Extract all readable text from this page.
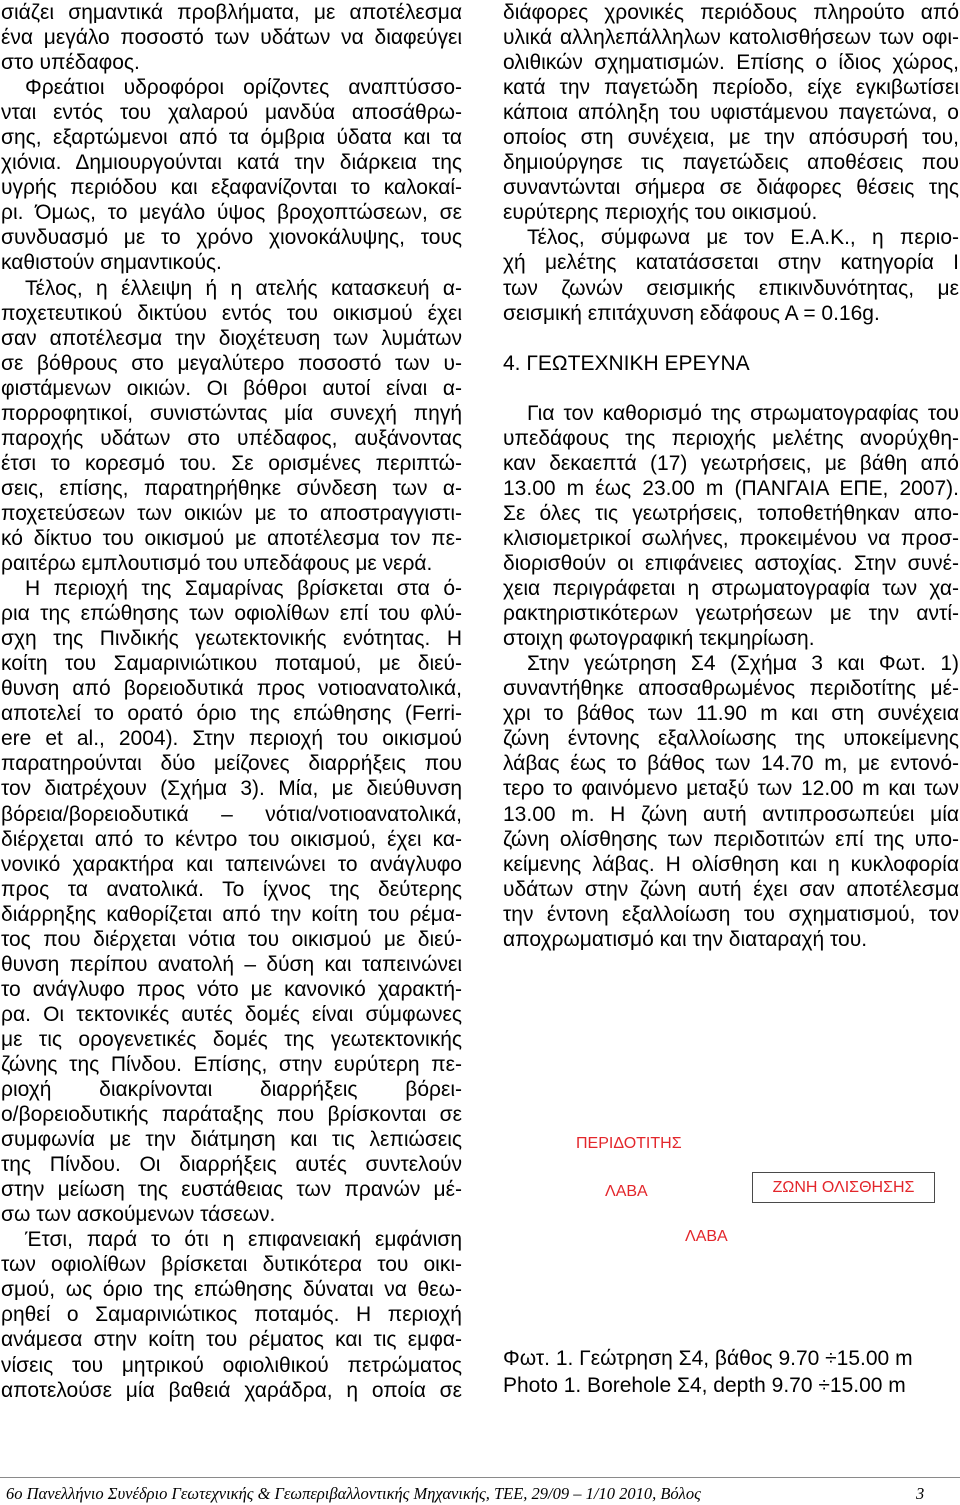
σιάζει σημαντικά προβλήματα, με αποτέλεσμα
ένα μεγάλο ποσοστό των υδάτων να διαφεύγει
στο υπέδαφος.
Φρεάτιοι υδροφόροι ορίζοντες αναπτύσσο-
νται εντός του χαλαρού μανδύα αποσάθρω-
σης, εξαρτώμενοι από τα όμβρια ύδατα και τα
χιόνια. Δημιουργούνται κατά την διάρκεια της
υγρής περιόδου και εξαφανίζονται το καλοκαί-
ρι. Όμως, το μεγάλο ύψος βροχοπτώσεων, σε
συνδυασμό με το χρόνο χιονοκάλυψης, τους
καθιστούν σημαντικούς.
Τέλος, η έλλειψη ή η ατελής κατασκευή α-
ποχετευτικού δικτύου εντός του οικισμού έχει
σαν αποτέλεσμα την διοχέτευση των λυμάτων
σε βόθρους στο μεγαλύτερο ποσοστό των υ-
φιστάμενων οικιών. Οι βόθροι αυτοί είναι α-
πορροφητικοί, συνιστώντας μία συνεχή πηγή
παροχής υδάτων στο υπέδαφος, αυξάνοντας
έτσι το κορεσμό του. Σε ορισμένες περιπτώ-
σεις, επίσης, παρατηρήθηκε σύνδεση των α-
ποχετεύσεων των οικιών με το αποστραγγιστι-
κό δίκτυο του οικισμού με αποτέλεσμα τον πε-
ραιτέρω εμπλουτισμό του υπεδάφους με νερά.
Η περιοχή της Σαμαρίνας βρίσκεται στα ό-
ρια της επώθησης των οφιολίθων επί του φλύ-
σχη της Πινδικής γεωτεκτονικής ενότητας. Η
κοίτη του Σαμαρινιώτικου ποταμού, με διεύ-
θυνση από βορειοδυτικά προς νοτιοανατολικά,
αποτελεί το ορατό όριο της επώθησης (Ferri-
ere et al., 2004). Στην περιοχή του οικισμού
παρατηρούνται δύο μείζονες διαρρήξεις που
τον διατρέχουν (Σχήμα 3). Μία, με διεύθυνση
βόρεια/βορειοδυτικά – νότια/νοτιοανατολικά,
διέρχεται από το κέντρο του οικισμού, έχει κα-
νονικό χαρακτήρα και ταπεινώνει το ανάγλυφο
προς τα ανατολικά. Το ίχνος της δεύτερης
διάρρηξης καθορίζεται από την κοίτη του ρέμα-
τος που διέρχεται νότια του οικισμού με διεύ-
θυνση περίπου ανατολή – δύση και ταπεινώνει
το ανάγλυφο προς νότο με κανονικό χαρακτή-
ρα. Οι τεκτονικές αυτές δομές είναι σύμφωνες
με τις ορογενετικές δομές της γεωτεκτονικής
ζώνης της Πίνδου. Επίσης, στην ευρύτερη πε-
ριοχή διακρίνονται διαρρήξεις βόρει-
ο/βορειοδυτικής παράταξης που βρίσκονται σε
συμφωνία με την διάτμηση και τις λεπιώσεις
της Πίνδου. Οι διαρρήξεις αυτές συντελούν
στην μείωση της ευστάθειας των πρανών μέ-
σω των ασκούμενων τάσεων.
Έτσι, παρά το ότι η επιφανειακή εμφάνιση
των οφιολίθων βρίσκεται δυτικότερα του οικι-
σμού, ως όριο της επώθησης δύναται να θεω-
ρηθεί ο Σαμαρινιώτικος ποταμός. Η περιοχή
ανάμεσα στην κοίτη του ρέματος και τις εμφα-
νίσεις του μητρικού οφιολιθικού πετρώματος
αποτελούσε μία βαθειά χαράδρα, η οποία σε
διάφορες χρονικές περιόδους πληρούτο από
υλικά αλληλεπάλληλων κατολισθήσεων των οφι-
ολιθικών σχηματισμών. Επίσης ο ίδιος χώρος,
κατά την παγετώδη περίοδο, είχε εγκιβωτίσει
κάποια απόληξη του υφιστάμενου παγετώνα, ο
οποίος στη συνέχεια, με την απόσυρσή του,
δημιούργησε τις παγετώδεις αποθέσεις που
συναντώνται σήμερα σε διάφορες θέσεις της
ευρύτερης περιοχής του οικισμού.
Τέλος, σύμφωνα με τον Ε.Α.Κ., η περιο-
χή μελέτης κατατάσσεται στην κατηγορία Ι
των ζωνών σεισμικής επικινδυνότητας, με
σεισμική επιτάχυνση εδάφους Α = 0.16g.
4. ΓΕΩΤΕΧΝΙΚΗ ΕΡΕΥΝΑ
Για τον καθορισμό της στρωματογραφίας του
υπεδάφους της περιοχής μελέτης ανορύχθη-
καν δεκαεπτά (17) γεωτρήσεις, με βάθη από
13.00 m έως 23.00 m (ΠΑΝΓΑΙΑ ΕΠΕ, 2007).
Σε όλες τις γεωτρήσεις, τοποθετήθηκαν απο-
κλισιομετρικοί σωλήνες, προκειμένου να προσ-
διορισθούν οι επιφάνειες αστοχίας. Στην συνέ-
χεια περιγράφεται η στρωματογραφία των χα-
ρακτηριστικότερων γεωτρήσεων με την αντί-
στοιχη φωτογραφική τεκμηρίωση.
Στην γεώτρηση Σ4 (Σχήμα 3 και Φωτ. 1)
συναντήθηκε αποσαθρωμένος περιδοτίτης μέ-
χρι το βάθος των 11.90 m και στη συνέχεια
ζώνη έντονης εξαλλοίωσης της υποκείμενης
λάβας έως το βάθος των 14.70 m, με εντονό-
τερο το φαινόμενο μεταξύ των 12.00 m και των
13.00 m. Η ζώνη αυτή αντιπροσωπεύει μία
ζώνη ολίσθησης των περιδοτιτών επί της υπο-
κείμενης λάβας. Η ολίσθηση και η κυκλοφορία
υδάτων στην ζώνη αυτή έχει σαν αποτέλεσμα
την έντονη εξαλλοίωση του σχηματισμού, τον
αποχρωματισμό και την διαταραχή του.
ΠΕΡΙΔΟΤΙΤΗΣ
ΛΑΒΑ	ΖΩΝΗ ΟΛΙΣΘΗΣΗΣ
ΛΑΒΑ
Φωτ. 1. Γεώτρηση Σ4, βάθος 9.70 ÷15.00 m
Photo 1. Borehole Σ4, depth 9.70 ÷15.00 m
6o Πανελλήνιο Συνέδριο Γεωτεχνικής & Γεωπεριβαλλοντικής Μηχανικής, ΤΕΕ, 29/09 – 1/10 2010, Βόλος	3
